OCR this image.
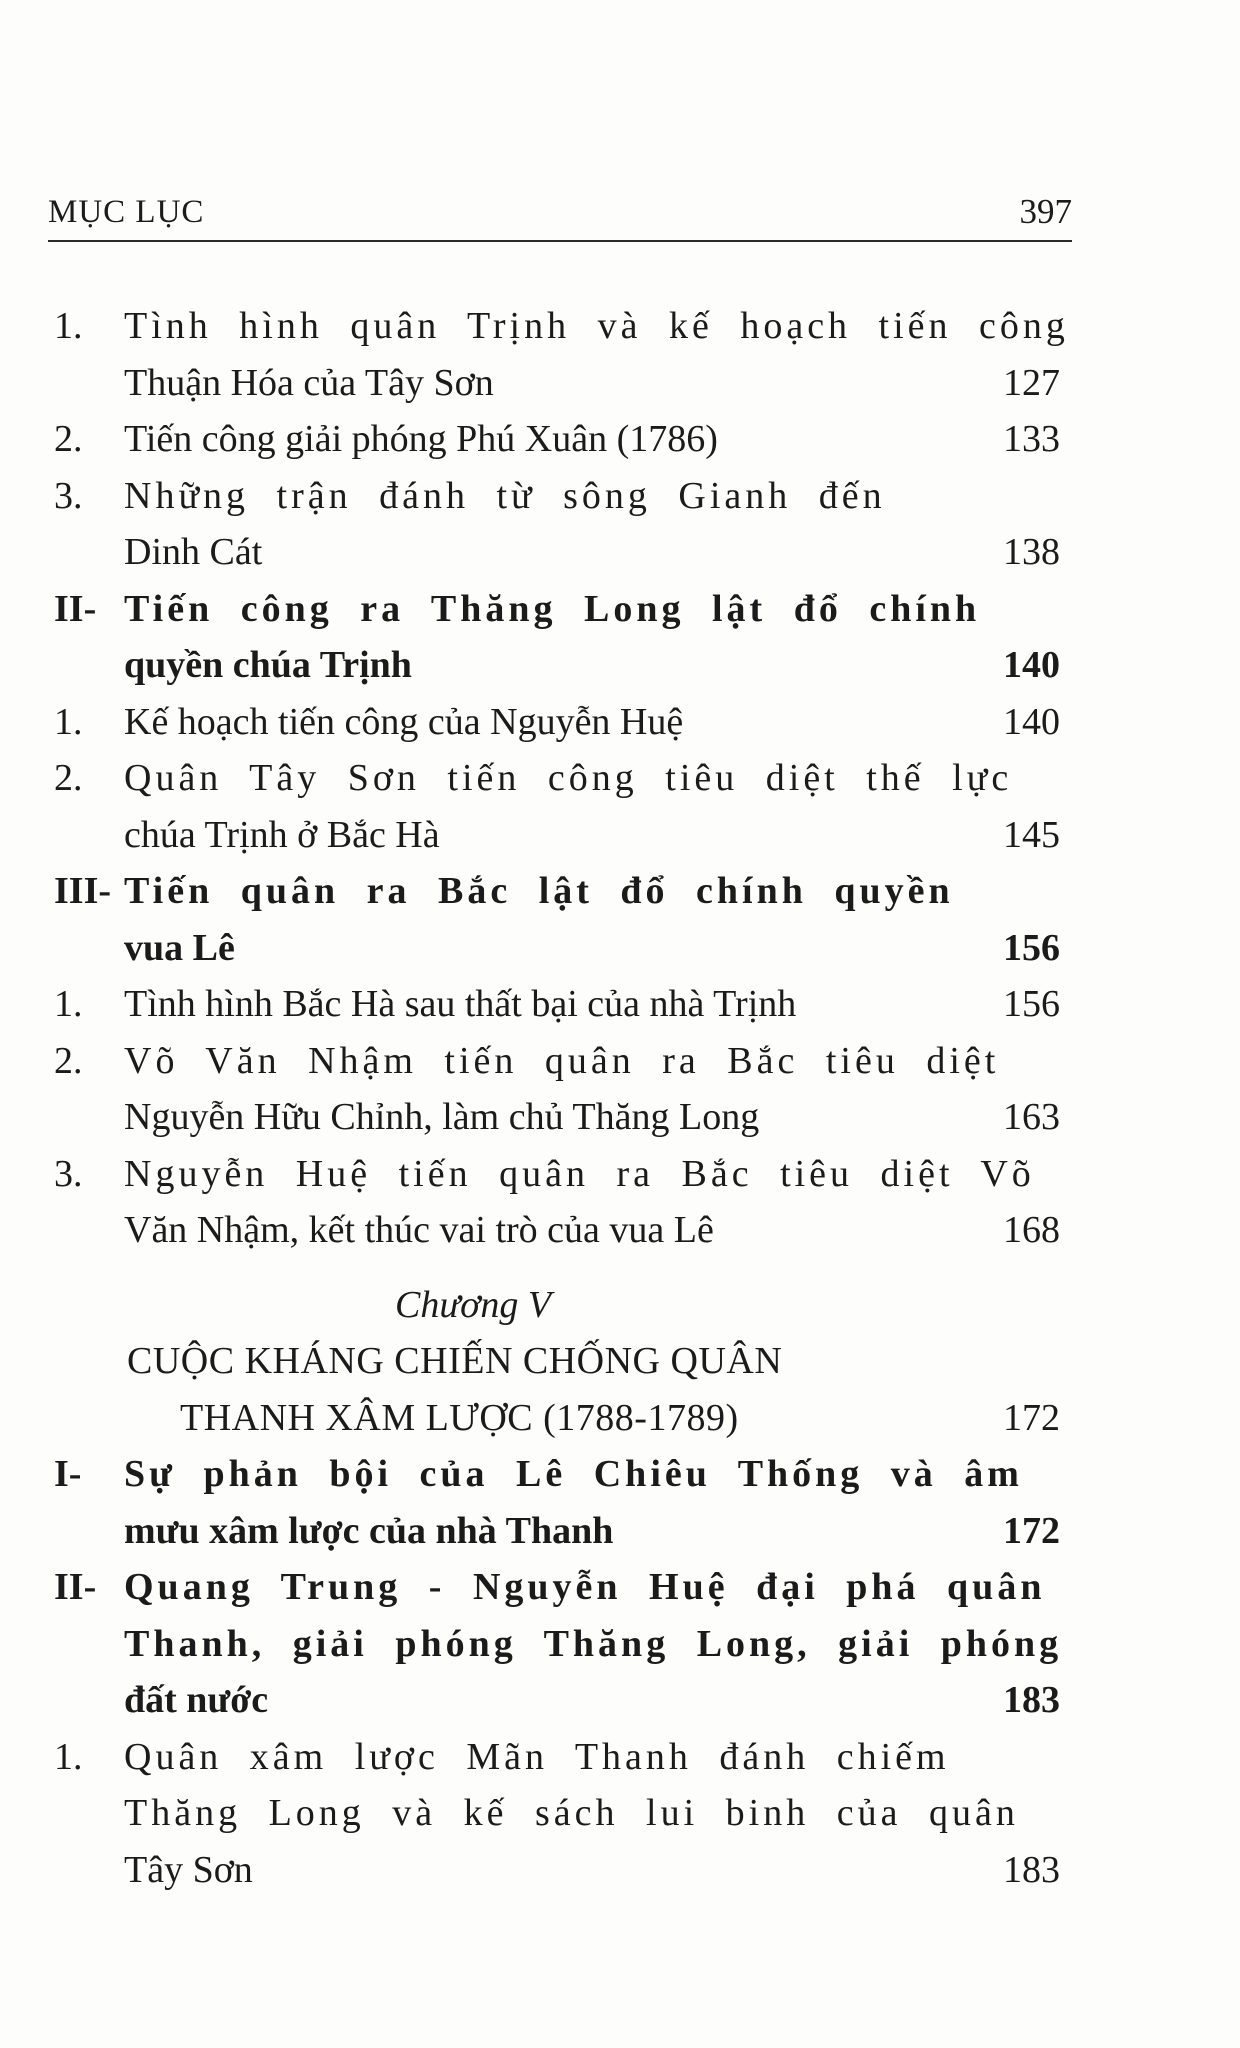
MỤC LỤC	397
1. Tình hình quân Trịnh và kế hoạch tiến công
Thuận Hóa của Tây Sơn	127
2. Tiến công giải phóng Phú Xuân (1786)	133
3. Những trận đánh từ sông Gianh đến
Dinh Cát	138
II- Tiến công ra Thăng Long lật đổ chính
quyền chúa Trịnh	140
1. Kế hoạch tiến công của Nguyễn Huệ	140
2. Quân Tây Sơn tiến công tiêu diệt thế lực
chúa Trịnh ở Bắc Hà	145
III- Tiến quân ra Bắc lật đổ chính quyền
vua Lê	156
1. Tình hình Bắc Hà sau thất bại của nhà Trịnh	156
2. Võ Văn Nhậm tiến quân ra Bắc tiêu diệt
Nguyễn Hữu Chỉnh, làm chủ Thăng Long	163
3. Nguyễn Huệ tiến quân ra Bắc tiêu diệt Võ
Văn Nhậm, kết thúc vai trò của vua Lê	168
Chương V
CUỘC KHÁNG CHIẾN CHỐNG QUÂN
THANH XÂM LƯỢC (1788-1789)	172
I- Sự phản bội của Lê Chiêu Thống và âm
mưu xâm lược của nhà Thanh	172
II- Quang Trung - Nguyễn Huệ đại phá quân
Thanh, giải phóng Thăng Long, giải phóng
đất nước	183
1. Quân xâm lược Mãn Thanh đánh chiếm
Thăng Long và kế sách lui binh của quân
Tây Sơn	183
